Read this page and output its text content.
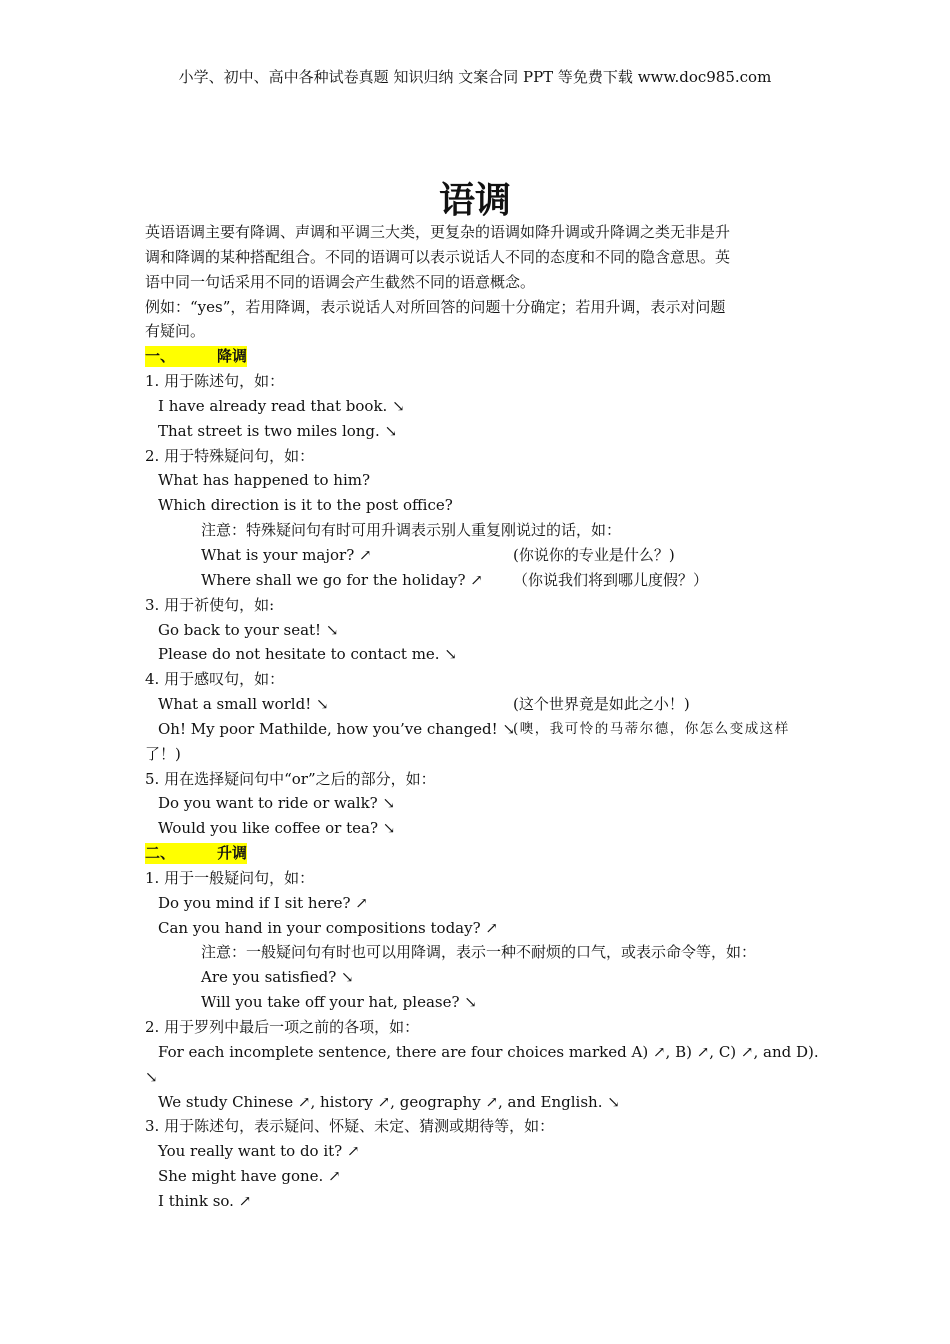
小学、初中、高中各种试卷真题 知识归纳 文案合同 PPT 等免费下载 www.doc985.com
语调
英语语调主要有降调、声调和平调三大类，更复杂的语调如降升调或升降调之类无非是升
调和降调的某种搭配组合。不同的语调可以表示说话人不同的态度和不同的隐含意思。英
语中同一句话采用不同的语调会产生截然不同的语意概念。
例如：“yes”，若用降调，表示说话人对所回答的问题十分确定；若用升调，表示对问题
有疑问。
一、	降调
1. 用于陈述句，如：
I have already read that book. ↘
That street is two miles long. ↘
2. 用于特殊疑问句，如：
What has happened to him?
Which direction is it to the post office?
注意：特殊疑问句有时可用升调表示别人重复刚说过的话，如：
What is your major? ↗	(你说你的专业是什么？)
Where shall we go for the holiday? ↗	（你说我们将到哪儿度假？）
3. 用于祈使句，如:
Go back to your seat! ↘
Please do not hesitate to contact me. ↘
4. 用于感叹句，如：
What a small world! ↘	(这个世界竟是如此之小！)
Oh! My poor Mathilde, how you’ve changed! ↘
(噢，我可怜的马蒂尔德，你怎么变成这样
了！)
5. 用在选择疑问句中“or”之后的部分，如：
Do you want to ride or walk? ↘
Would you like coffee or tea? ↘
二、	升调
1. 用于一般疑问句，如：
Do you mind if I sit here? ↗
Can you hand in your compositions today? ↗
注意：一般疑问句有时也可以用降调，表示一种不耐烦的口气，或表示命令等，如：
Are you satisfied? ↘
Will you take off your hat, please? ↘
2. 用于罗列中最后一项之前的各项，如：
For each incomplete sentence, there are four choices marked A) ↗, B) ↗, C) ↗, and D).
↘
We study Chinese ↗, history ↗, geography ↗, and English. ↘
3. 用于陈述句，表示疑问、怀疑、未定、猜测或期待等，如：
You really want to do it? ↗
She might have gone. ↗
I think so. ↗
